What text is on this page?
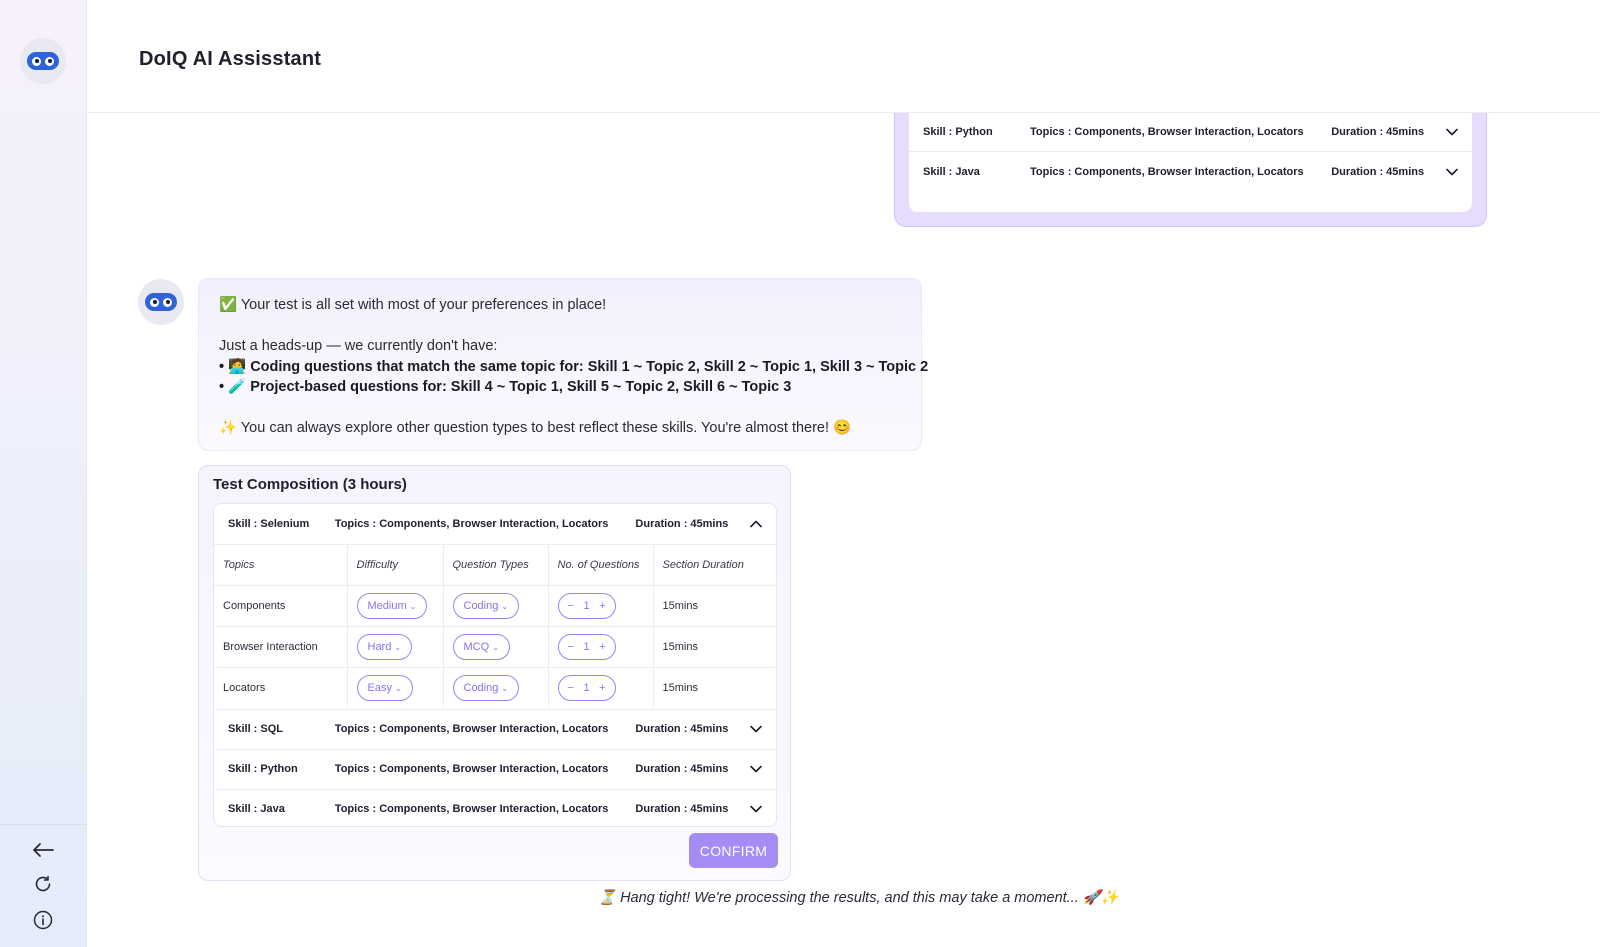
DoIQ AI Assisstant
Skill : Python	Topics : Components, Browser Interaction, Locators	Duration : 45mins
Skill : Java	Topics : Components, Browser Interaction, Locators	Duration : 45mins

✅ Your test is all set with most of your preferences in place!

Just a heads-up — we currently don't have:

• 🧑‍💻 Coding questions that match the same topic for: Skill 1 ~ Topic 2, Skill 2 ~ Topic 1, Skill 3 ~ Topic 2

• 🧪 Project-based questions for: Skill 4 ~ Topic 1, Skill 5 ~ Topic 2, Skill 6 ~ Topic 3

✨ You can always explore other question types to best reflect these skills. You're almost there! 😊

Test Composition (3 hours)
Skill : Selenium	Topics : Components, Browser Interaction, Locators	Duration : 45mins
Topics	Difficulty	Question Types	No. of Questions	Section Duration
Components	Medium ⌄	Coding ⌄	− 1 +	15mins
Browser Interaction	Hard ⌄	MCQ ⌄	− 1 +	15mins
Locators	Easy ⌄	Coding ⌄	− 1 +	15mins
Skill : SQL	Topics : Components, Browser Interaction, Locators	Duration : 45mins
Skill : Python	Topics : Components, Browser Interaction, Locators	Duration : 45mins
Skill : Java	Topics : Components, Browser Interaction, Locators	Duration : 45mins
CONFIRM
⏳ Hang tight! We're processing the results, and this may take a moment... 🚀✨
